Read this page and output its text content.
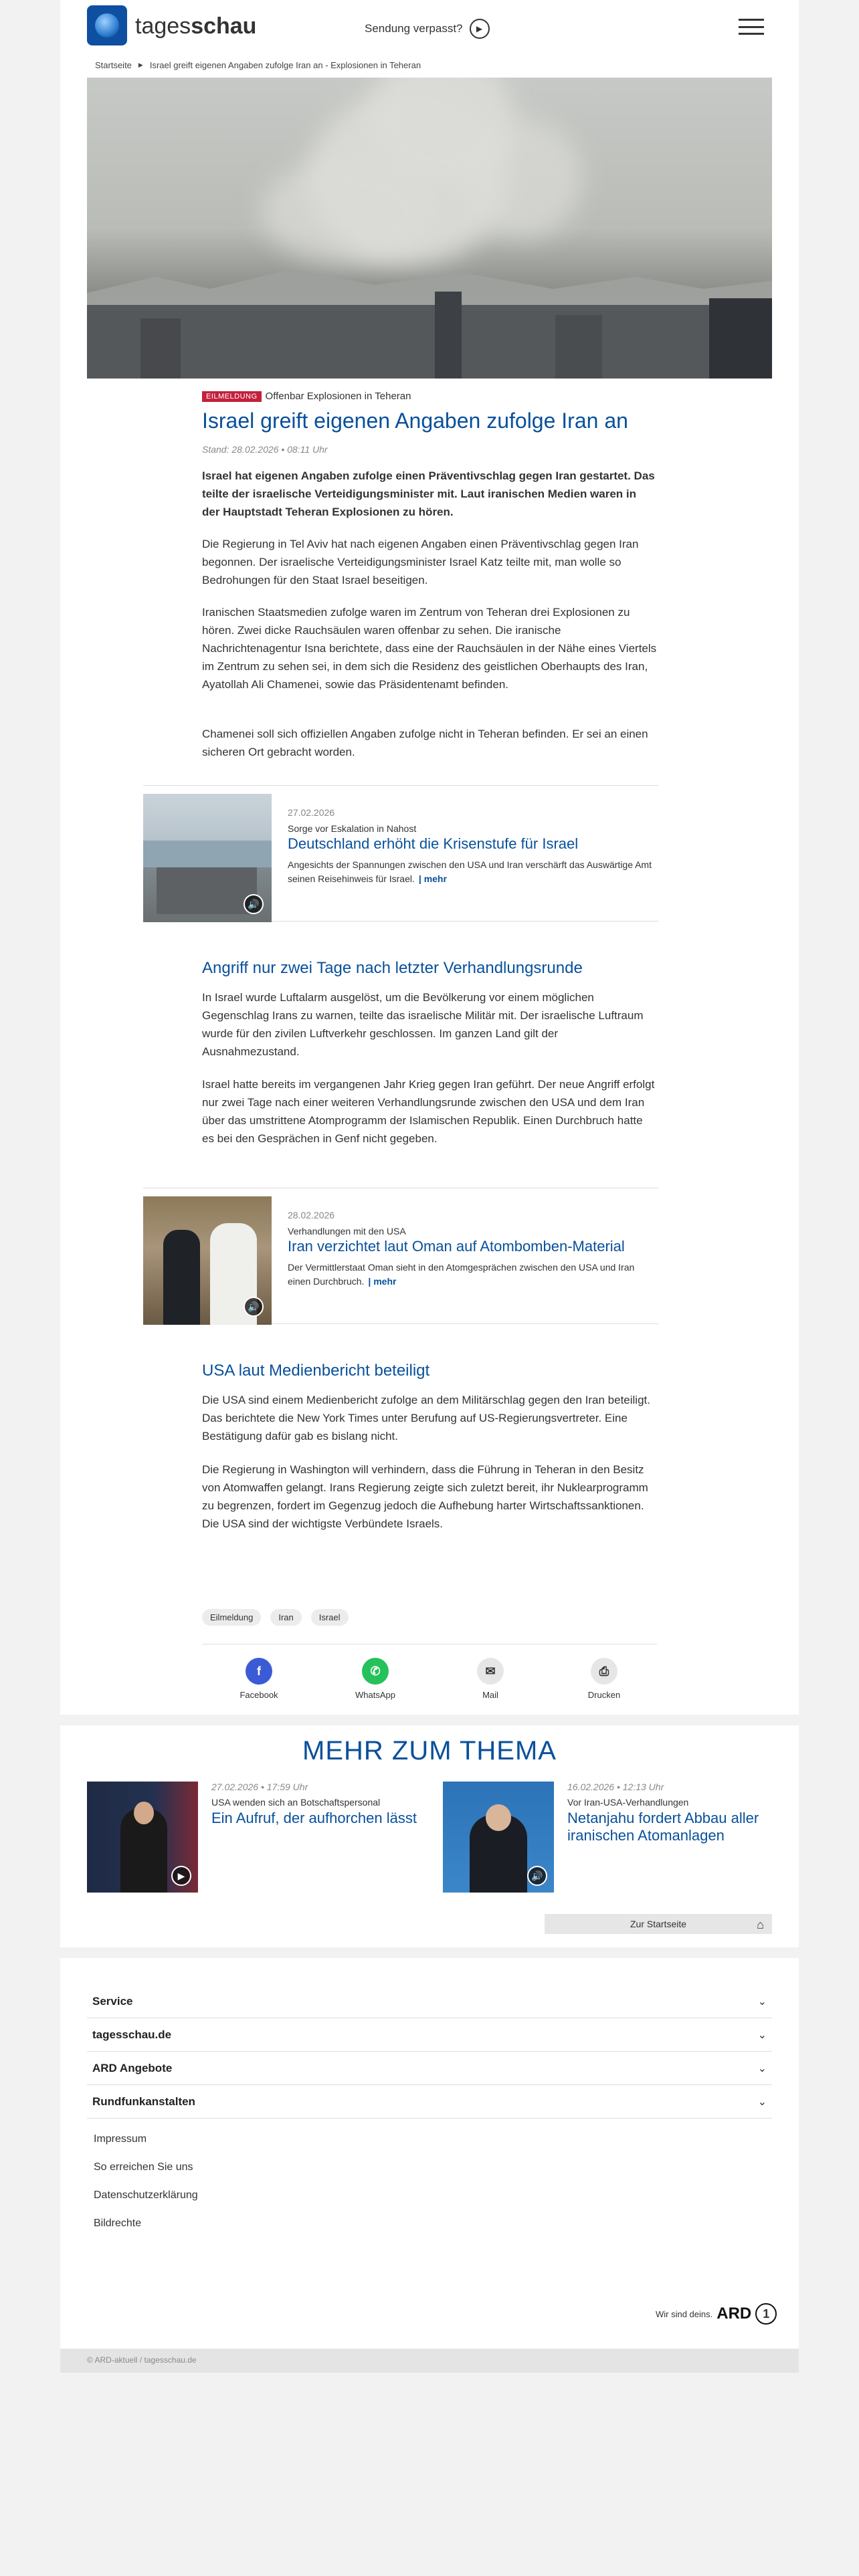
tagesschau	Sendung verpasst?	▶
Startseite ▶ Israel greift eigenen Angaben zufolge Iran an - Explosionen in Teheran
EILMELDUNG Offenbar Explosionen in Teheran
Israel greift eigenen Angaben zufolge Iran an
Stand: 28.02.2026 • 08:11 Uhr

Israel hat eigenen Angaben zufolge einen Präventivschlag gegen Iran gestartet. Das teilte der israelische Verteidigungsminister mit. Laut iranischen Medien waren in der Hauptstadt Teheran Explosionen zu hören.

Die Regierung in Tel Aviv hat nach eigenen Angaben einen Präventivschlag gegen Iran begonnen. Der israelische Verteidigungsminister Israel Katz teilte mit, man wolle so Bedrohungen für den Staat Israel beseitigen.

Iranischen Staatsmedien zufolge waren im Zentrum von Teheran drei Explosionen zu hören. Zwei dicke Rauchsäulen waren offenbar zu sehen. Die iranische Nachrichtenagentur Isna berichtete, dass eine der Rauchsäulen in der Nähe eines Viertels im Zentrum zu sehen sei, in dem sich die Residenz des geistlichen Oberhaupts des Iran, Ayatollah Ali Chamenei, sowie das Präsidentenamt befinden.

Chamenei soll sich offiziellen Angaben zufolge nicht in Teheran befinden. Er sei an einen sicheren Ort gebracht worden.

🔊
27.02.2026
Sorge vor Eskalation in Nahost
Deutschland erhöht die Krisenstufe für Israel
Angesichts der Spannungen zwischen den USA und Iran verschärft das Auswärtige Amt seinen Reisehinweis für Israel. | mehr
Angriff nur zwei Tage nach letzter Verhandlungsrunde

In Israel wurde Luftalarm ausgelöst, um die Bevölkerung vor einem möglichen Gegenschlag Irans zu warnen, teilte das israelische Militär mit. Der israelische Luftraum wurde für den zivilen Luftverkehr geschlossen. Im ganzen Land gilt der Ausnahmezustand.

Israel hatte bereits im vergangenen Jahr Krieg gegen Iran geführt. Der neue Angriff erfolgt nur zwei Tage nach einer weiteren Verhandlungsrunde zwischen den USA und dem Iran über das umstrittene Atomprogramm der Islamischen Republik. Einen Durchbruch hatte es bei den Gesprächen in Genf nicht gegeben.

🔊
28.02.2026
Verhandlungen mit den USA
Iran verzichtet laut Oman auf Atombomben-Material
Der Vermittlerstaat Oman sieht in den Atomgesprächen zwischen den USA und Iran einen Durchbruch. | mehr
USA laut Medienbericht beteiligt

Die USA sind einem Medienbericht zufolge an dem Militärschlag gegen den Iran beteiligt. Das berichtete die New York Times unter Berufung auf US-Regierungsvertreter. Eine Bestätigung dafür gab es bislang nicht.

Die Regierung in Washington will verhindern, dass die Führung in Teheran in den Besitz von Atomwaffen gelangt. Irans Regierung zeigte sich zuletzt bereit, ihr Nuklearprogramm zu begrenzen, fordert im Gegenzug jedoch die Aufhebung harter Wirtschaftssanktionen. Die USA sind der wichtigste Verbündete Israels.

Eilmeldung	Iran	Israel
f
Facebook
✆
WhatsApp
✉
Mail
⎙
Drucken
MEHR ZUM THEMA
▶
27.02.2026 • 17:59 Uhr
USA wenden sich an Botschaftspersonal
Ein Aufruf, der aufhorchen lässt
🔊
16.02.2026 • 12:13 Uhr
Vor Iran-USA-Verhandlungen
Netanjahu fordert Abbau aller iranischen Atomanlagen
Zur Startseite	⌂
Service	⌄
tagesschau.de	⌄
ARD Angebote	⌄
Rundfunkanstalten	⌄
Impressum
So erreichen Sie uns
Datenschutzerklärung
Bildrechte
Wir sind deins. ARD 1
© ARD-aktuell / tagesschau.de
